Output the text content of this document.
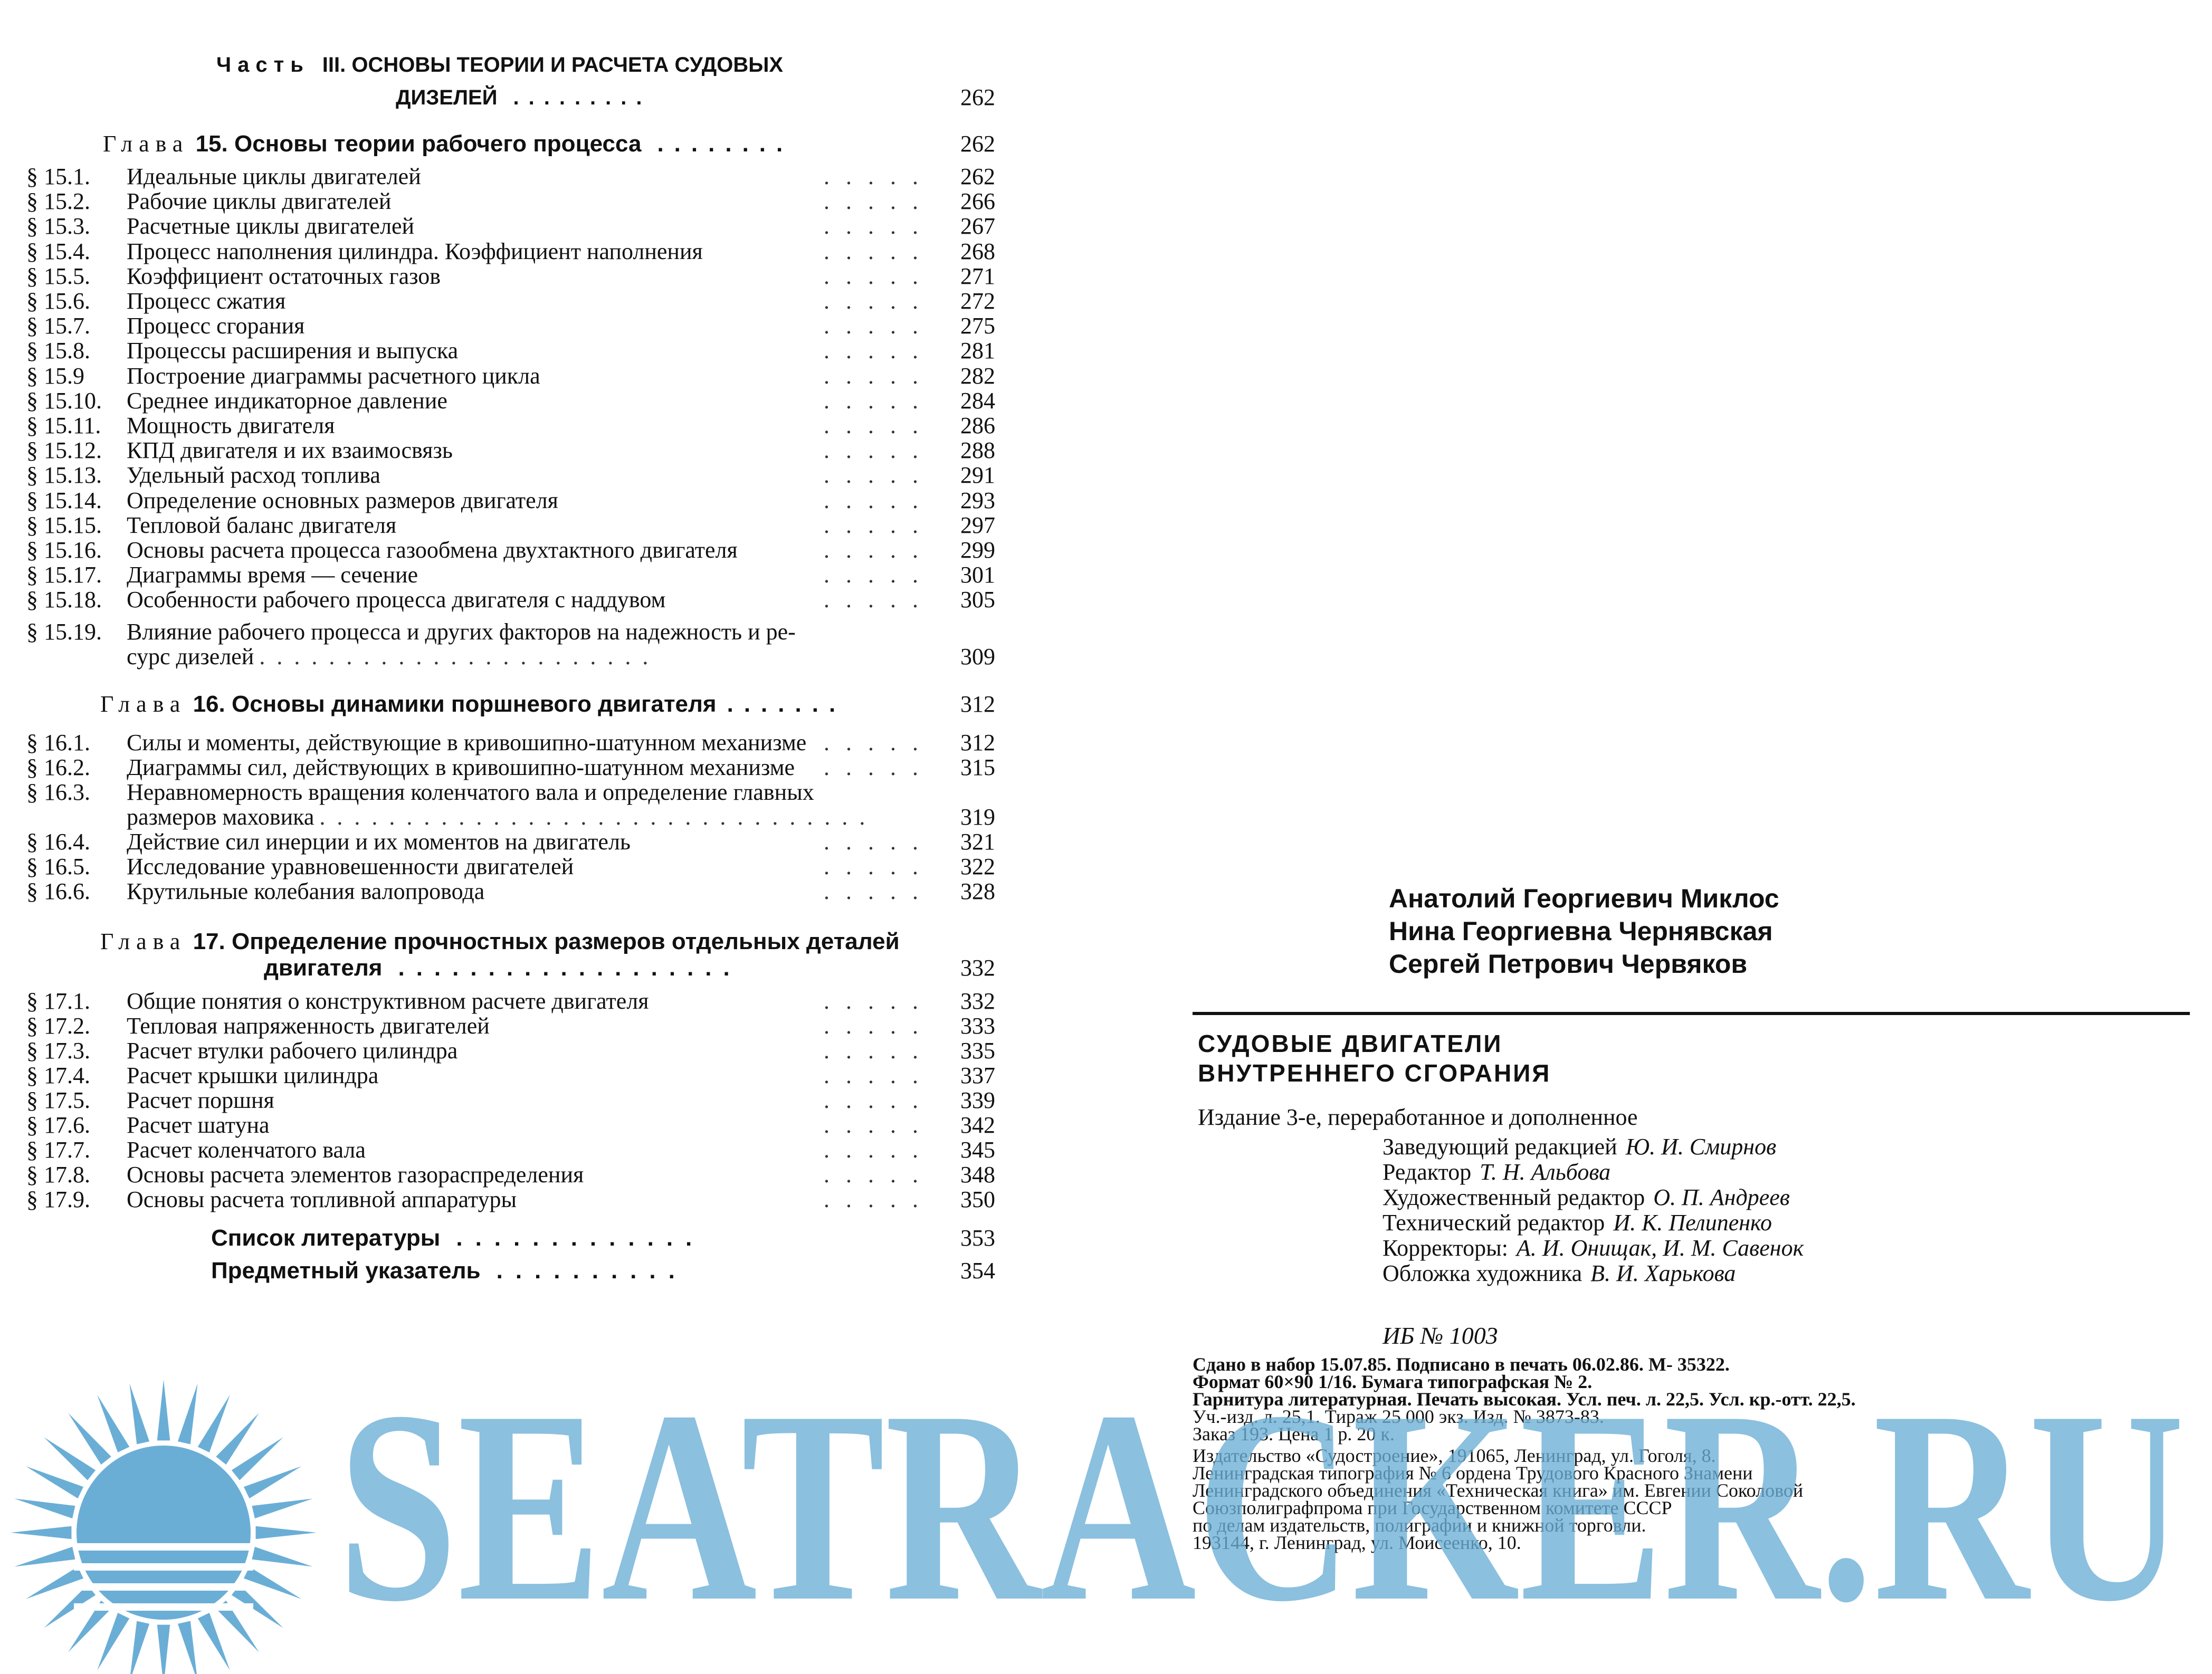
Часть III. ОСНОВЫ ТЕОРИИ И РАСЧЕТА СУДОВЫХ
ДИЗЕЛЕЙ .........	262
Глава 15. Основы теории рабочего процесса ........	262
§ 15.1. Идеальные циклы двигателей	. . . . . 262
§ 15.2. Рабочие циклы двигателей	. . . . . 266
§ 15.3. Расчетные циклы двигателей	. . . . . 267
§ 15.4. Процесс наполнения цилиндра. Коэффициент наполнения	. . . . . 268
§ 15.5. Коэффициент остаточных газов	. . . . . 271
§ 15.6. Процесс сжатия	. . . . . 272
§ 15.7. Процесс сгорания	. . . . . 275
§ 15.8. Процессы расширения и выпуска	. . . . . 281
§ 15.9 Построение диаграммы расчетного цикла	. . . . . 282
§ 15.10. Среднее индикаторное давление	. . . . . 284
§ 15.11. Мощность двигателя	. . . . . 286
§ 15.12. КПД двигателя и их взаимосвязь	. . . . . 288
§ 15.13. Удельный расход топлива	. . . . . 291
§ 15.14. Определение основных размеров двигателя	. . . . . 293
§ 15.15. Тепловой баланс двигателя	. . . . . 297
§ 15.16. Основы расчета процесса газообмена двухтактного двигателя	. . . . . 299
§ 15.17. Диаграммы время — сечение	. . . . . 301
§ 15.18. Особенности рабочего процесса двигателя с наддувом	. . . . . 305
§ 15.19. Влияние рабочего процесса и других факторов на надежность и ре-
сурс дизелей .......................	309
Глава 16. Основы динамики поршневого двигателя .......	312
§ 16.1. Силы и моменты, действующие в кривошипно-шатунном механизме . . . . . 312
§ 16.2. Диаграммы сил, действующих в кривошипно-шатунном механизме . . . . . 315
§ 16.3. Неравномерность вращения коленчатого вала и определение главных
размеров маховика ................................	319
§ 16.4. Действие сил инерции и их моментов на двигатель	. . . . . 321
§ 16.5. Исследование уравновешенности двигателей	. . . . . 322
§ 16.6. Крутильные колебания валопровода	. . . . . 328
Глава 17. Определение прочностных размеров отдельных деталей
двигателя ...................	332
§ 17.1. Общие понятия о конструктивном расчете двигателя	. . . . . 332
§ 17.2. Тепловая напряженность двигателей	. . . . . 333
§ 17.3. Расчет втулки рабочего цилиндра	. . . . . 335
§ 17.4. Расчет крышки цилиндра	. . . . . 337
§ 17.5. Расчет поршня	. . . . . 339
§ 17.6. Расчет шатуна	. . . . . 342
§ 17.7. Расчет коленчатого вала	. . . . . 345
§ 17.8. Основы расчета элементов газораспределения	. . . . . 348
§ 17.9. Основы расчета топливной аппаратуры	. . . . . 350
Список литературы .............	353
Предметный указатель ..........	354
Анатолий Георгиевич Миклос
Нина Георгиевна Чернявская
Сергей Петрович Червяков
СУДОВЫЕ ДВИГАТЕЛИ
ВНУТРЕННЕГО СГОРАНИЯ
Издание 3-е, переработанное и дополненное
Заведующий редакцией Ю. И. Смирнов
Редактор Т. Н. Альбова
Художественный редактор О. П. Андреев
Технический редактор И. К. Пелипенко
Корректоры: А. И. Онищак, И. М. Савенок
Обложка художника В. И. Харькова
ИБ № 1003
Сдано в набор 15.07.85. Подписано в печать 06.02.86. М- 35322.
Формат 60×90 1/16. Бумага типографская № 2.
Гарнитура литературная. Печать высокая. Усл. печ. л. 22,5. Усл. кр.-отт. 22,5.
Уч.-изд. л. 25,1. Тираж 25 000 экз. Изд. № 3873-83.
Заказ 193. Цена 1 р. 20 к.
Издательство «Судостроение», 191065, Ленинград, ул. Гоголя, 8.
Ленинградская типография № 6 ордена Трудового Красного Знамени
Ленинградского объединения «Техническая книга» им. Евгении Соколовой
Союзполиграфпрома при Государственном комитете СССР
по делам издательств, полиграфии и книжной торговли.
193144, г. Ленинград, ул. Моисеенко, 10.
SEATRACKER.RU
